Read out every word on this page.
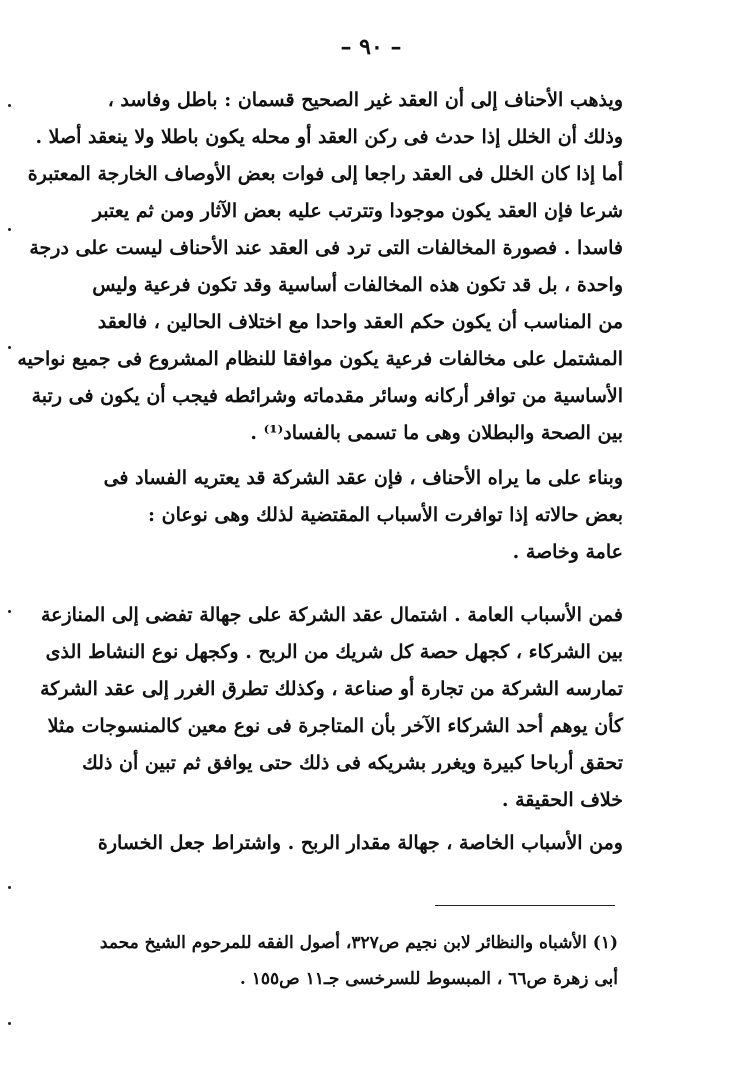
– ٩٠ –
ويذهب الأحناف إلى أن العقد غير الصحيح قسمان : باطل وفاسد ،
وذلك أن الخلل إذا حدث فى ركن العقد أو محله يكون باطلا ولا ينعقد أصلا .
أما إذا كان الخلل فى العقد راجعا إلى فوات بعض الأوصاف الخارجة المعتبرة
شرعا فإن العقد يكون موجودا وتترتب عليه بعض الآثار ومن ثم يعتبر
فاسدا . فصورة المخالفات التى ترد فى العقد عند الأحناف ليست على درجة
واحدة ، بل قد تكون هذه المخالفات أساسية وقد تكون فرعية وليس
من المناسب أن يكون حكم العقد واحدا مع اختلاف الحالين ، فالعقد
المشتمل على مخالفات فرعية يكون موافقا للنظام المشروع فى جميع نواحيه
الأساسية من توافر أركانه وسائر مقدماته وشرائطه فيجب أن يكون فى رتبة
بين الصحة والبطلان وهى ما تسمى بالفساد⁽¹⁾ .
وبناء على ما يراه الأحناف ، فإن عقد الشركة قد يعتريه الفساد فى
بعض حالاته إذا توافرت الأسباب المقتضية لذلك وهى نوعان :
عامة وخاصة .
فمن الأسباب العامة . اشتمال عقد الشركة على جهالة تفضى إلى المنازعة
بين الشركاء ، كجهل حصة كل شريك من الربح . وكجهل نوع النشاط الذى
تمارسه الشركة من تجارة أو صناعة ، وكذلك تطرق الغرر إلى عقد الشركة
كأن يوهم أحد الشركاء الآخر بأن المتاجرة فى نوع معين كالمنسوجات مثلا
تحقق أرباحا كبيرة ويغرر بشريكه فى ذلك حتى يوافق ثم تبين أن ذلك
خلاف الحقيقة .
ومن الأسباب الخاصة ، جهالة مقدار الربح . واشتراط جعل الخسارة
(١) الأشباه والنظائر لابن نجيم ص٣٢٧، أصول الفقه للمرحوم الشيخ محمد
أبى زهرة ص٦٦ ، المبسوط للسرخسى جـ١١ ص١٥٥ .
